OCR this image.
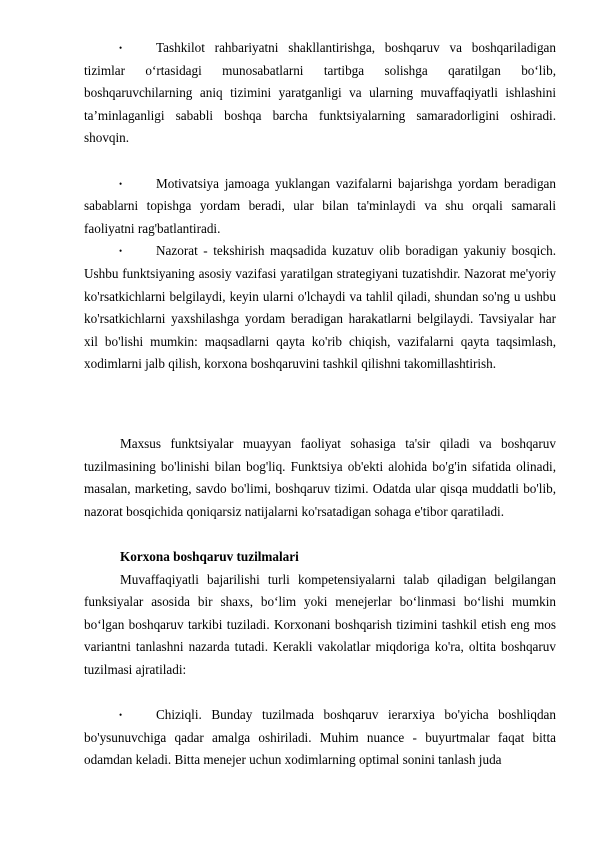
•	Tashkilot rahbariyatni shakllantirishga, boshqaruv va boshqariladigan tizimlar o‘rtasidagi munosabatlarni tartibga solishga qaratilgan bo‘lib, boshqaruvchilarning aniq tizimini yaratganligi va ularning muvaffaqiyatli ishlashini ta’minlaganligi sababli boshqa barcha funktsiyalarning samaradorligini oshiradi. shovqin.

•	Motivatsiya jamoaga yuklangan vazifalarni bajarishga yordam beradigan sabablarni topishga yordam beradi, ular bilan ta'minlaydi va shu orqali samarali faoliyatni rag'batlantiradi.

•	Nazorat - tekshirish maqsadida kuzatuv olib boradigan yakuniy bosqich. Ushbu funktsiyaning asosiy vazifasi yaratilgan strategiyani tuzatishdir. Nazorat me'yoriy ko'rsatkichlarni belgilaydi, keyin ularni o'lchaydi va tahlil qiladi, shundan so'ng u ushbu ko'rsatkichlarni yaxshilashga yordam beradigan harakatlarni belgilaydi. Tavsiyalar har xil bo'lishi mumkin: maqsadlarni qayta ko'rib chiqish, vazifalarni qayta taqsimlash, xodimlarni jalb qilish, korxona boshqaruvini tashkil qilishni takomillashtirish.

Maxsus funktsiyalar muayyan faoliyat sohasiga ta'sir qiladi va boshqaruv tuzilmasining bo'linishi bilan bog'liq. Funktsiya ob'ekti alohida bo'g'in sifatida olinadi, masalan, marketing, savdo bo'limi, boshqaruv tizimi. Odatda ular qisqa muddatli bo'lib, nazorat bosqichida qoniqarsiz natijalarni ko'rsatadigan sohaga e'tibor qaratiladi.

Korxona boshqaruv tuzilmalari

Muvaffaqiyatli bajarilishi turli kompetensiyalarni talab qiladigan belgilangan funksiyalar asosida bir shaxs, bo‘lim yoki menejerlar bo‘linmasi bo‘lishi mumkin bo‘lgan boshqaruv tarkibi tuziladi. Korxonani boshqarish tizimini tashkil etish eng mos variantni tanlashni nazarda tutadi. Kerakli vakolatlar miqdoriga ko'ra, oltita boshqaruv tuzilmasi ajratiladi:

•	Chiziqli. Bunday tuzilmada boshqaruv ierarxiya bo'yicha boshliqdan bo'ysunuvchiga qadar amalga oshiriladi. Muhim nuance - buyurtmalar faqat bitta odamdan keladi. Bitta menejer uchun xodimlarning optimal sonini tanlash juda
